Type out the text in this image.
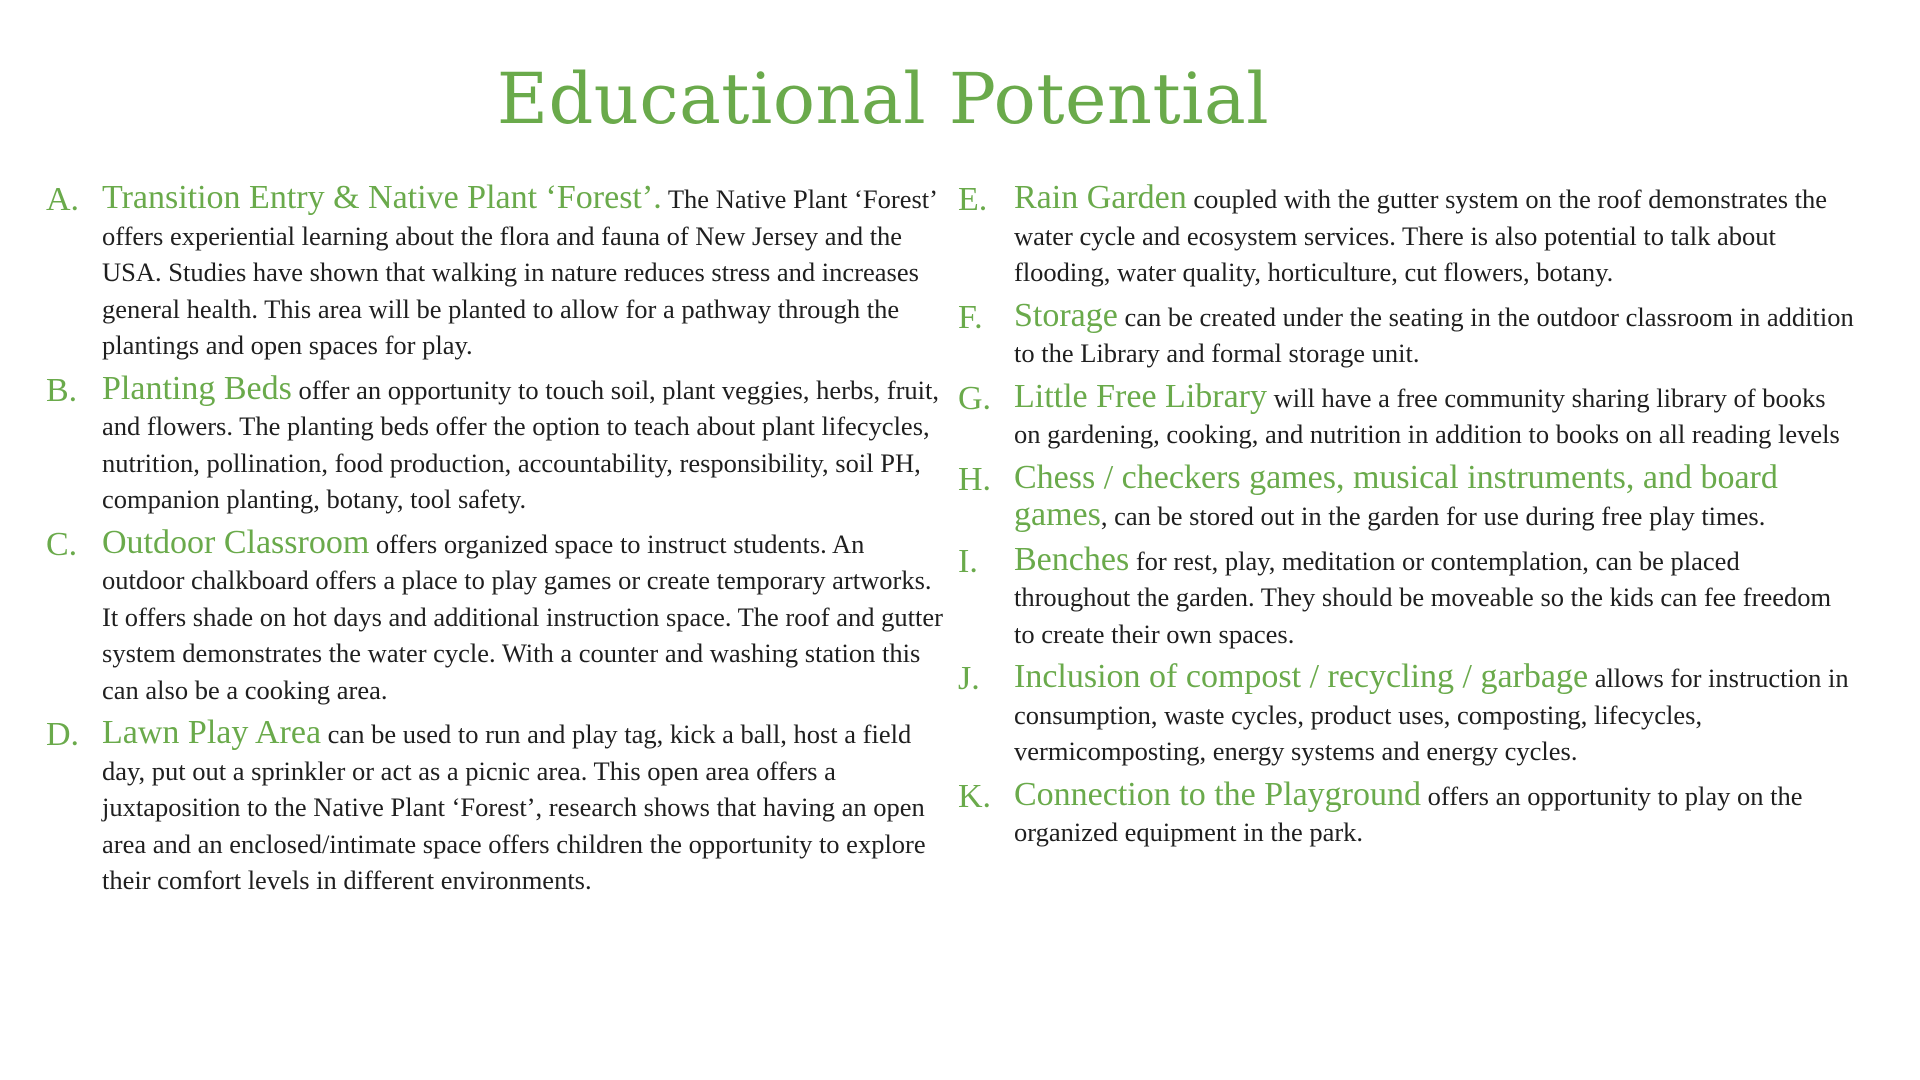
Educational Potential
A. Transition Entry & Native Plant ‘Forest’. The Native Plant ‘Forest’ offers experiential learning about the flora and fauna of New Jersey and the USA. Studies have shown that walking in nature reduces stress and increases general health. This area will be planted to allow for a pathway through the plantings and open spaces for play.
B. Planting Beds offer an opportunity to touch soil, plant veggies, herbs, fruit, and flowers. The planting beds offer the option to teach about plant lifecycles, nutrition, pollination, food production, accountability, responsibility, soil PH, companion planting, botany, tool safety.
C. Outdoor Classroom offers organized space to instruct students. An outdoor chalkboard offers a place to play games or create temporary artworks. It offers shade on hot days and additional instruction space. The roof and gutter system demonstrates the water cycle. With a counter and washing station this can also be a cooking area.
D. Lawn Play Area can be used to run and play tag, kick a ball, host a field day, put out a sprinkler or act as a picnic area. This open area offers a juxtaposition to the Native Plant ‘Forest’, research shows that having an open area and an enclosed/intimate space offers children the opportunity to explore their comfort levels in different environments.
E. Rain Garden coupled with the gutter system on the roof demonstrates the water cycle and ecosystem services. There is also potential to talk about flooding, water quality, horticulture, cut flowers, botany.
F. Storage can be created under the seating in the outdoor classroom in addition to the Library and formal storage unit.
G. Little Free Library will have a free community sharing library of books on gardening, cooking, and nutrition in addition to books on all reading levels
H. Chess / checkers games, musical instruments, and board games, can be stored out in the garden for use during free play times.
I.	Benches for rest, play, meditation or contemplation, can be placed throughout the garden. They should be moveable so the kids can fee freedom to create their own spaces.
J.	Inclusion of compost / recycling / garbage allows for instruction in consumption, waste cycles, product uses, composting, lifecycles, vermicomposting, energy systems and energy cycles.
K. Connection to the Playground offers an opportunity to play on the organized equipment in the park.
